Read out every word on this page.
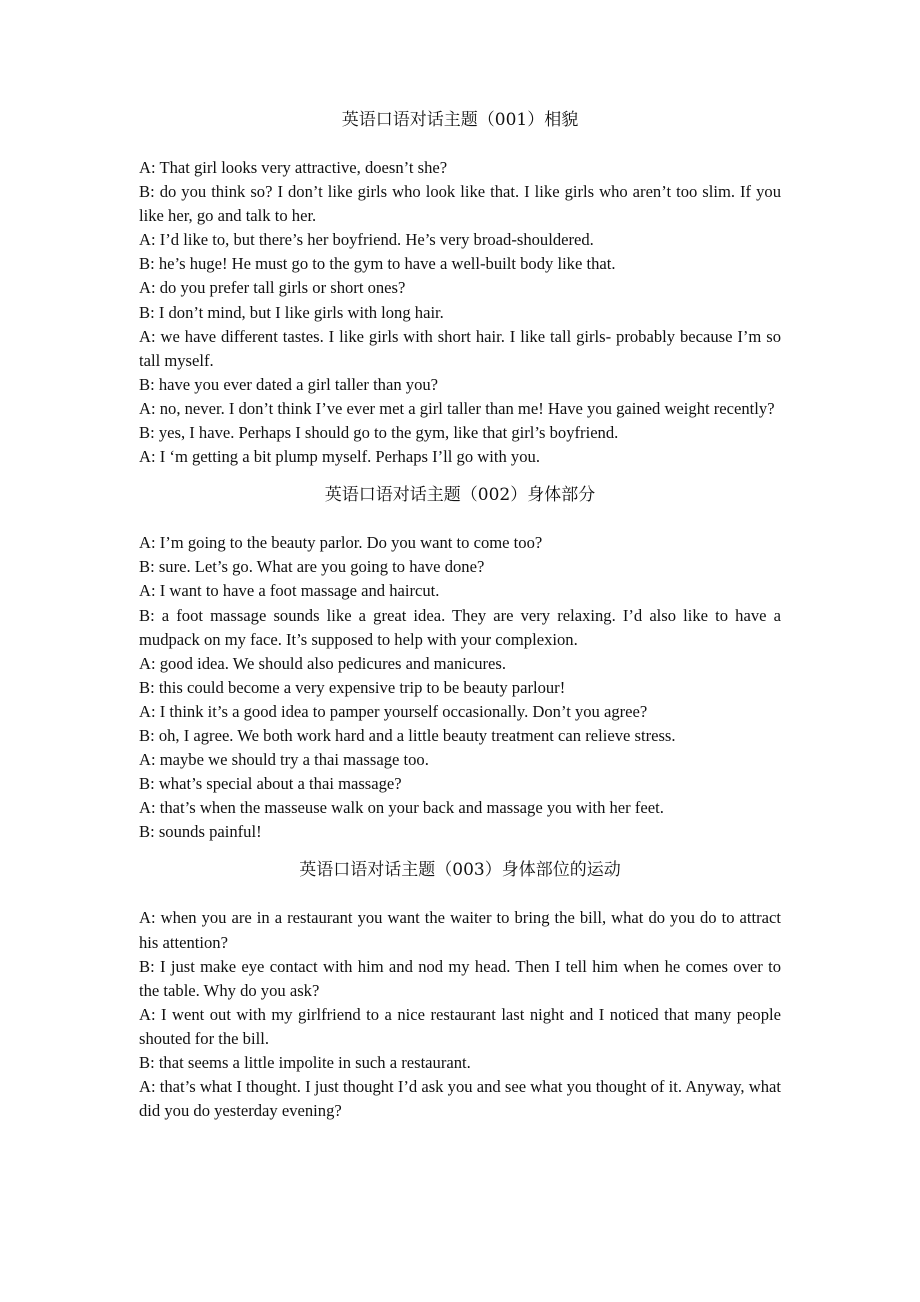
英语口语对话主题（001）相貌

A: That girl looks very attractive, doesn’t she?

B: do you think so? I don’t like girls who look like that. I like girls who aren’t too slim. If you like her, go and talk to her.

A: I’d like to, but there’s her boyfriend. He’s very broad-shouldered.

B: he’s huge! He must go to the gym to have a well-built body like that.

A: do you prefer tall girls or short ones?

B: I don’t mind, but I like girls with long hair.

A: we have different tastes. I like girls with short hair. I like tall girls- probably because I’m so tall myself.

B: have you ever dated a girl taller than you?

A: no, never. I don’t think I’ve ever met a girl taller than me! Have you gained weight recently?

B: yes, I have. Perhaps I should go to the gym, like that girl’s boyfriend.

A: I ‘m getting a bit plump myself. Perhaps I’ll go with you.

英语口语对话主题（002）身体部分

A: I’m going to the beauty parlor. Do you want to come too?

B: sure. Let’s go. What are you going to have done?

A: I want to have a foot massage and haircut.

B: a foot massage sounds like a great idea. They are very relaxing. I’d also like to have a mudpack on my face. It’s supposed to help with your complexion.

A: good idea. We should also pedicures and manicures.

B: this could become a very expensive trip to be beauty parlour!

A: I think it’s a good idea to pamper yourself occasionally. Don’t you agree?

B: oh, I agree. We both work hard and a little beauty treatment can relieve stress.

A: maybe we should try a thai massage too.

B: what’s special about a thai massage?

A: that’s when the masseuse walk on your back and massage you with her feet.

B: sounds painful!

英语口语对话主题（003）身体部位的运动

A: when you are in a restaurant you want the waiter to bring the bill, what do you do to attract his attention?

B: I just make eye contact with him and nod my head. Then I tell him when he comes over to the table. Why do you ask?

A: I went out with my girlfriend to a nice restaurant last night and I noticed that many people shouted for the bill.

B: that seems a little impolite in such a restaurant.

A: that’s what I thought. I just thought I’d ask you and see what you thought of it. Anyway, what did you do yesterday evening?
